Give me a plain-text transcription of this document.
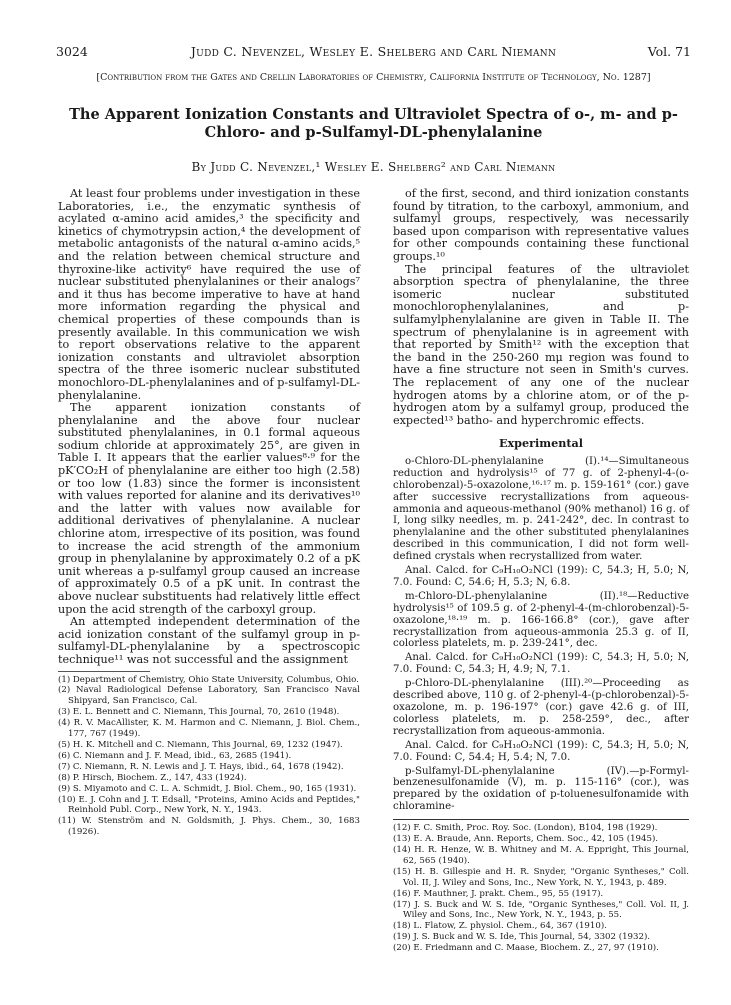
3024	Judd C. Nevenzel, Wesley E. Shelberg and Carl Niemann	Vol. 71
[Contribution from the Gates and Crellin Laboratories of Chemistry, California Institute of Technology, No. 1287]
The Apparent Ionization Constants and Ultraviolet Spectra of o-, m- and p-Chloro- and p-Sulfamyl-DL-phenylalanine
By Judd C. Nevenzel,¹ Wesley E. Shelberg² and Carl Niemann

At least four problems under investigation in these Laboratories, i.e., the enzymatic synthesis of acylated α-amino acid amides,³ the specificity and kinetics of chymotrypsin action,⁴ the development of metabolic antagonists of the natural α-amino acids,⁵ and the relation between chemical structure and thyroxine-like activity⁶ have required the use of nuclear substituted phenylalanines or their analogs⁷ and it thus has become imperative to have at hand more information regarding the physical and chemical properties of these compounds than is presently available. In this communication we wish to report observations relative to the apparent ionization constants and ultraviolet absorption spectra of the three isomeric nuclear substituted monochloro-DL-phenylalanines and of p-sulfamyl-DL-phenylalanine.

The apparent ionization constants of phenylalanine and the above four nuclear substituted phenylalanines, in 0.1 formal aqueous sodium chloride at approximately 25°, are given in Table I. It appears that the earlier values⁸·⁹ for the pK′CO₂H of phenylalanine are either too high (2.58) or too low (1.83) since the former is inconsistent with values reported for alanine and its derivatives¹⁰ and the latter with values now available for additional derivatives of phenylalanine. A nuclear chlorine atom, irrespective of its position, was found to increase the acid strength of the ammonium group in phenylalanine by approximately 0.2 of a pK unit whereas a p-sulfamyl group caused an increase of approximately 0.5 of a pK unit. In contrast the above nuclear substituents had relatively little effect upon the acid strength of the carboxyl group.

An attempted independent determination of the acid ionization constant of the sulfamyl group in p-sulfamyl-DL-phenylalanine by a spectroscopic technique¹¹ was not successful and the assignment

(1) Department of Chemistry, Ohio State University, Columbus, Ohio.

(2) Naval Radiological Defense Laboratory, San Francisco Naval Shipyard, San Francisco, Cal.

(3) E. L. Bennett and C. Niemann, This Journal, 70, 2610 (1948).

(4) R. V. MacAllister, K. M. Harmon and C. Niemann, J. Biol. Chem., 177, 767 (1949).

(5) H. K. Mitchell and C. Niemann, This Journal, 69, 1232 (1947).

(6) C. Niemann and J. F. Mead, ibid., 63, 2685 (1941).

(7) C. Niemann, R. N. Lewis and J. T. Hays, ibid., 64, 1678 (1942).

(8) P. Hirsch, Biochem. Z., 147, 433 (1924).

(9) S. Miyamoto and C. L. A. Schmidt, J. Biol. Chem., 90, 165 (1931).

(10) E. J. Cohn and J. T. Edsall, "Proteins, Amino Acids and Peptides," Reinhold Publ. Corp., New York, N. Y., 1943.

(11) W. Stenström and N. Goldsmith, J. Phys. Chem., 30, 1683 (1926).

of the first, second, and third ionization constants found by titration, to the carboxyl, ammonium, and sulfamyl groups, respectively, was necessarily based upon comparison with representative values for other compounds containing these functional groups.¹⁰

The principal features of the ultraviolet absorption spectra of phenylalanine, the three isomeric nuclear substituted monochlorophenylalanines, and p-sulfamylphenylalanine are given in Table II. The spectrum of phenylalanine is in agreement with that reported by Smith¹² with the exception that the band in the 250-260 mμ region was found to have a fine structure not seen in Smith's curves. The replacement of any one of the nuclear hydrogen atoms by a chlorine atom, or of the p-hydrogen atom by a sulfamyl group, produced the expected¹³ batho- and hyperchromic effects.

Experimental

o-Chloro-DL-phenylalanine (I).¹⁴—Simultaneous reduction and hydrolysis¹⁵ of 77 g. of 2-phenyl-4-(o-chlorobenzal)-5-oxazolone,¹⁶·¹⁷ m. p. 159-161° (cor.) gave after successive recrystallizations from aqueous-ammonia and aqueous-methanol (90% methanol) 16 g. of I, long silky needles, m. p. 241-242°, dec. In contrast to phenylalanine and the other substituted phenylalanines described in this communication, I did not form well-defined crystals when recrystallized from water.

Anal. Calcd. for C₉H₁₀O₂NCl (199): C, 54.3; H, 5.0; N, 7.0. Found: C, 54.6; H, 5.3; N, 6.8.

m-Chloro-DL-phenylalanine (II).¹⁸—Reductive hydrolysis¹⁵ of 109.5 g. of 2-phenyl-4-(m-chlorobenzal)-5-oxazolone,¹⁸·¹⁹ m. p. 166-166.8° (cor.), gave after recrystallization from aqueous-ammonia 25.3 g. of II, colorless platelets, m. p. 239-241°, dec.

Anal. Calcd. for C₉H₁₀O₂NCl (199): C, 54.3; H, 5.0; N, 7.0. Found: C, 54.3; H, 4.9; N, 7.1.

p-Chloro-DL-phenylalanine (III).²⁰—Proceeding as described above, 110 g. of 2-phenyl-4-(p-chlorobenzal)-5-oxazolone, m. p. 196-197° (cor.) gave 42.6 g. of III, colorless platelets, m. p. 258-259°, dec., after recrystallization from aqueous-ammonia.

Anal. Calcd. for C₉H₁₀O₂NCl (199): C, 54.3; H, 5.0; N, 7.0. Found: C, 54.4; H, 5.4; N, 7.0.

p-Sulfamyl-DL-phenylalanine (IV).—p-Formyl-benzenesulfonamide (V), m. p. 115-116° (cor.), was prepared by the oxidation of p-toluenesulfonamide with chloramine-

(12) F. C. Smith, Proc. Roy. Soc. (London), B104, 198 (1929).

(13) E. A. Braude, Ann. Reports, Chem. Soc., 42, 105 (1945).

(14) H. R. Henze, W. B. Whitney and M. A. Eppright, This Journal, 62, 565 (1940).

(15) H. B. Gillespie and H. R. Snyder, "Organic Syntheses," Coll. Vol. II, J. Wiley and Sons, Inc., New York, N. Y., 1943, p. 489.

(16) F. Mauthner, J. prakt. Chem., 95, 55 (1917).

(17) J. S. Buck and W. S. Ide, "Organic Syntheses," Coll. Vol. II, J. Wiley and Sons, Inc., New York, N. Y., 1943, p. 55.

(18) L. Flatow, Z. physiol. Chem., 64, 367 (1910).

(19) J. S. Buck and W. S. Ide, This Journal, 54, 3302 (1932).

(20) E. Friedmann and C. Maase, Biochem. Z., 27, 97 (1910).
